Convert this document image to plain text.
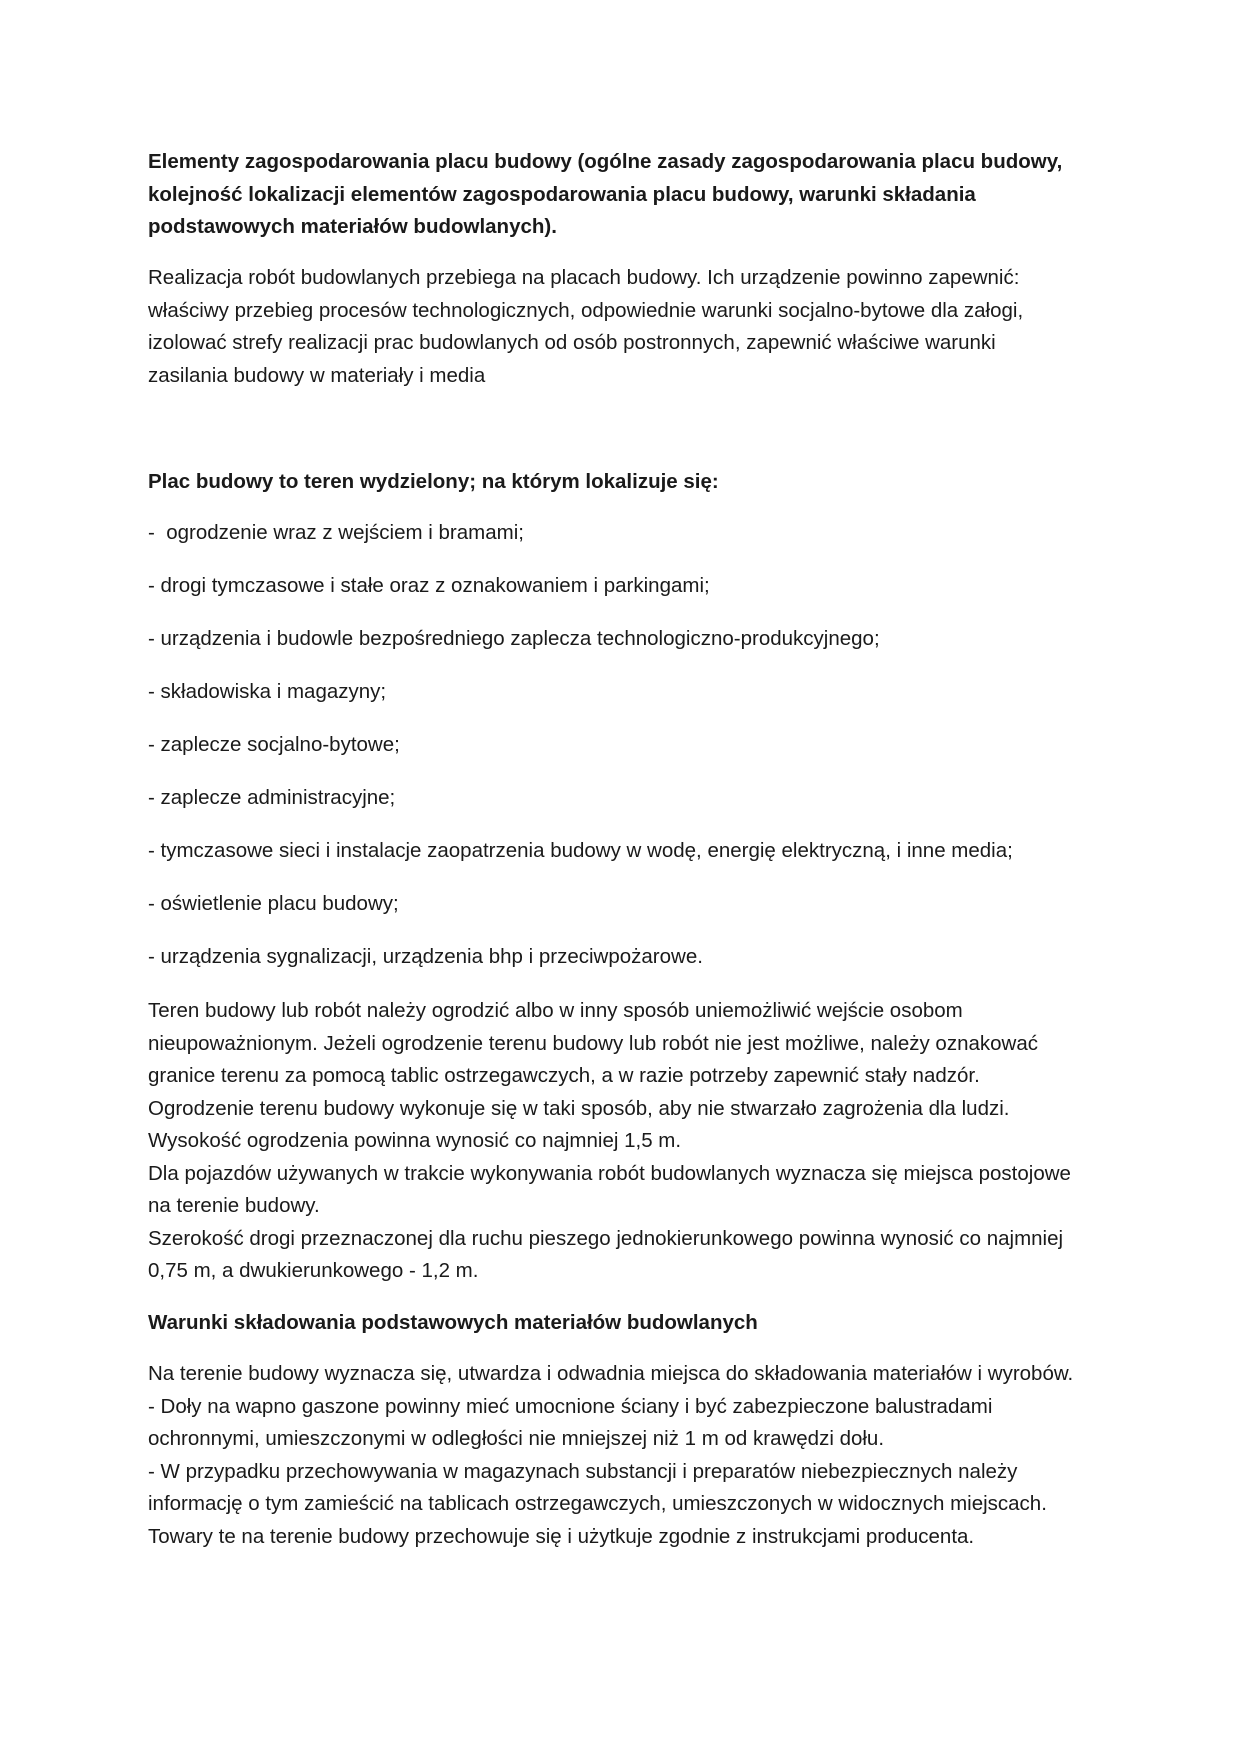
Elementy zagospodarowania placu budowy (ogólne zasady zagospodarowania placu budowy, kolejność lokalizacji elementów zagospodarowania placu budowy, warunki składania podstawowych materiałów budowlanych).

Realizacja robót budowlanych przebiega na placach budowy. Ich urządzenie powinno zapewnić: właściwy przebieg procesów technologicznych, odpowiednie warunki socjalno-bytowe dla załogi, izolować strefy realizacji prac budowlanych od osób postronnych, zapewnić właściwe warunki zasilania budowy w materiały i media

Plac budowy to teren wydzielony; na którym lokalizuje się:

-  ogrodzenie wraz z wejściem i bramami;
- drogi tymczasowe i stałe oraz z oznakowaniem i parkingami;
- urządzenia i budowle bezpośredniego zaplecza technologiczno-produkcyjnego;
- składowiska i magazyny;
- zaplecze socjalno-bytowe;
- zaplecze administracyjne;
- tymczasowe sieci i instalacje zaopatrzenia budowy w wodę, energię elektryczną, i inne media;
- oświetlenie placu budowy;
- urządzenia sygnalizacji, urządzenia bhp i przeciwpożarowe.

Teren budowy lub robót należy ogrodzić albo w inny sposób uniemożliwić wejście osobom nieupoważnionym. Jeżeli ogrodzenie terenu budowy lub robót nie jest możliwe, należy oznakować granice terenu za pomocą tablic ostrzegawczych, a w razie potrzeby zapewnić stały nadzór.
Ogrodzenie terenu budowy wykonuje się w taki sposób, aby nie stwarzało zagrożenia dla ludzi.
Wysokość ogrodzenia powinna wynosić co najmniej 1,5 m.
Dla pojazdów używanych w trakcie wykonywania robót budowlanych wyznacza się miejsca postojowe na terenie budowy.
Szerokość drogi przeznaczonej dla ruchu pieszego jednokierunkowego powinna wynosić co najmniej 0,75 m, a dwukierunkowego - 1,2 m.

Warunki składowania podstawowych materiałów budowlanych

Na terenie budowy wyznacza się, utwardza i odwadnia miejsca do składowania materiałów i wyrobów.
- Doły na wapno gaszone powinny mieć umocnione ściany i być zabezpieczone balustradami ochronnymi, umieszczonymi w odległości nie mniejszej niż 1 m od krawędzi dołu.
- W przypadku przechowywania w magazynach substancji i preparatów niebezpiecznych należy informację o tym zamieścić na tablicach ostrzegawczych, umieszczonych w widocznych miejscach.
Towary te na terenie budowy przechowuje się i użytkuje zgodnie z instrukcjami producenta.
